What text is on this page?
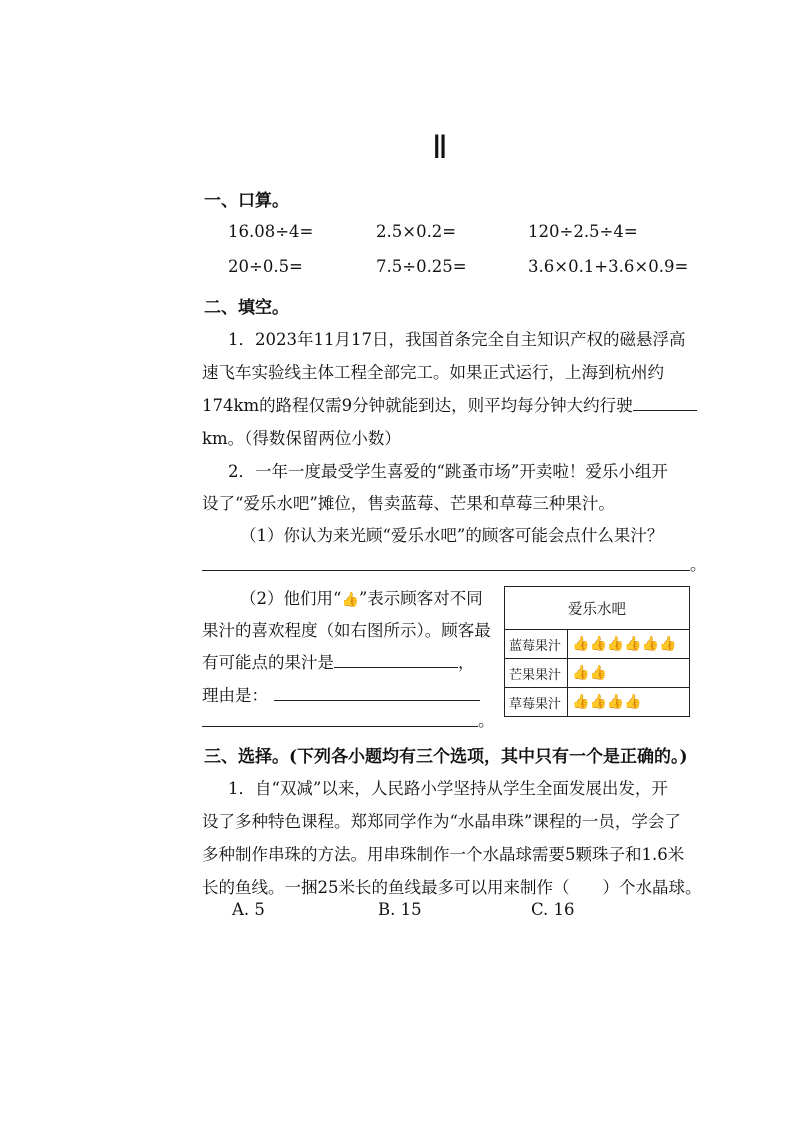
Ⅱ
一、口算。
16.08÷4=	2.5×0.2=	120÷2.5÷4=
20÷0.5=	7.5÷0.25=	3.6×0.1+3.6×0.9=
二、填空。
1．2023年11月17日，我国首条完全自主知识产权的磁悬浮高
速飞车实验线主体工程全部完工。如果正式运行，上海到杭州约
174km的路程仅需9分钟就能到达，则平均每分钟大约行驶
km。（得数保留两位小数）
2．一年一度最受学生喜爱的“跳蚤市场”开卖啦！爱乐小组开
设了“爱乐水吧”摊位，售卖蓝莓、芒果和草莓三种果汁。
（1）你认为来光顾“爱乐水吧”的顾客可能会点什么果汁？
。
（2）他们用“👍”表示顾客对不同
果汁的喜欢程度（如右图所示）。顾客最
有可能点的果汁是	，
理由是：
。
爱乐水吧	
蓝莓果汁	👍👍👍👍👍👍
芒果果汁	👍👍
草莓果汁	👍👍👍👍
三、选择。(下列各小题均有三个选项，其中只有一个是正确的。)
1．自“双减”以来，人民路小学坚持从学生全面发展出发，开
设了多种特色课程。郑郑同学作为“水晶串珠”课程的一员，学会了
多种制作串珠的方法。用串珠制作一个水晶球需要5颗珠子和1.6米
长的鱼线。一捆25米长的鱼线最多可以用来制作（　　）个水晶球。
A. 5	B. 15	C. 16
